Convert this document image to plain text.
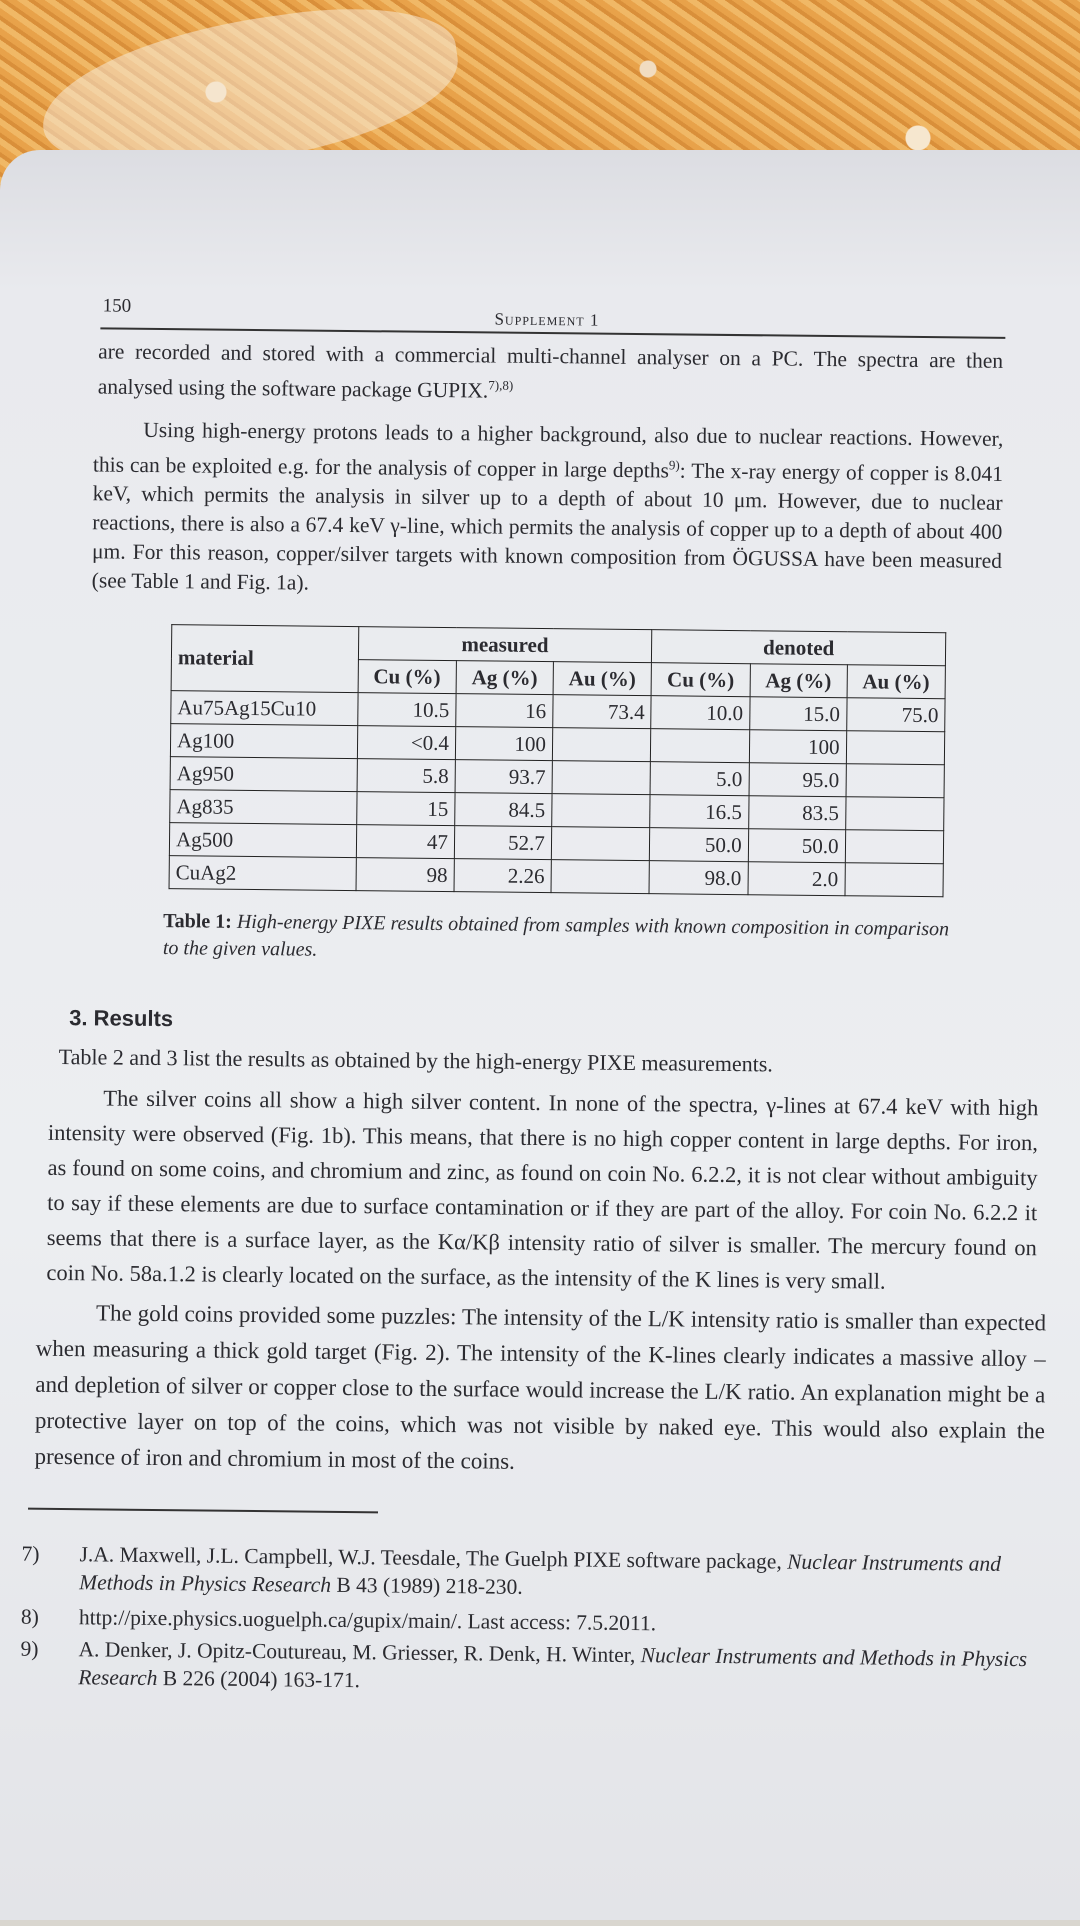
150
Supplement 1

are recorded and stored with a commercial multi-channel analyser on a PC. The spectra are then analysed using the software package GUPIX.$^{7),8)}$

Using high-energy protons leads to a higher background, also due to nuclear reactions. However, this can be exploited e.g. for the analysis of copper in large depths$^{9)}$: The x-ray energy of copper is 8.041 keV, which permits the analysis in silver up to a depth of about 10 μm. However, due to nuclear reactions, there is also a 67.4 keV γ-line, which permits the analysis of copper up to a depth of about 400 μm. For this reason, copper/silver targets with known composition from ÖGUSSA have been measured (see Table 1 and Fig. 1a).

material	measured			denoted		
	Cu (%)	Ag (%)	Au (%)	Cu (%)	Ag (%)	Au (%)
Au75Ag15Cu10	10.5	16	73.4	10.0	15.0	75.0
Ag100	<0.4	100			100	
Ag950	5.8	93.7		5.0	95.0	
Ag835	15	84.5		16.5	83.5	
Ag500	47	52.7		50.0	50.0	
CuAg2	98	2.26		98.0	2.0	
Table 1: High-energy PIXE results obtained from samples with known composition in comparison to the given values.
3. Results

Table 2 and 3 list the results as obtained by the high-energy PIXE measurements.

The silver coins all show a high silver content. In none of the spectra, γ-lines at 67.4 keV with high intensity were observed (Fig. 1b). This means, that there is no high copper content in large depths. For iron, as found on some coins, and chromium and zinc, as found on coin No. 6.2.2, it is not clear without ambiguity to say if these elements are due to surface contamination or if they are part of the alloy. For coin No. 6.2.2 it seems that there is a surface layer, as the Kα/Kβ intensity ratio of silver is smaller. The mercury found on coin No. 58a.1.2 is clearly located on the surface, as the intensity of the K lines is very small.

The gold coins provided some puzzles: The intensity of the L/K intensity ratio is smaller than expected when measuring a thick gold target (Fig. 2). The intensity of the K-lines clearly indicates a massive alloy – and depletion of silver or copper close to the surface would increase the L/K ratio. An explanation might be a protective layer on top of the coins, which was not visible by naked eye. This would also explain the presence of iron and chromium in most of the coins.

7) J.A. Maxwell, J.L. Campbell, W.J. Teesdale, The Guelph PIXE software package, Nuclear Instruments and Methods in Physics Research B 43 (1989) 218-230.
8) http://pixe.physics.uoguelph.ca/gupix/main/. Last access: 7.5.2011.
9) A. Denker, J. Opitz-Coutureau, M. Griesser, R. Denk, H. Winter, Nuclear Instruments and Methods in Physics Research B 226 (2004) 163-171.
